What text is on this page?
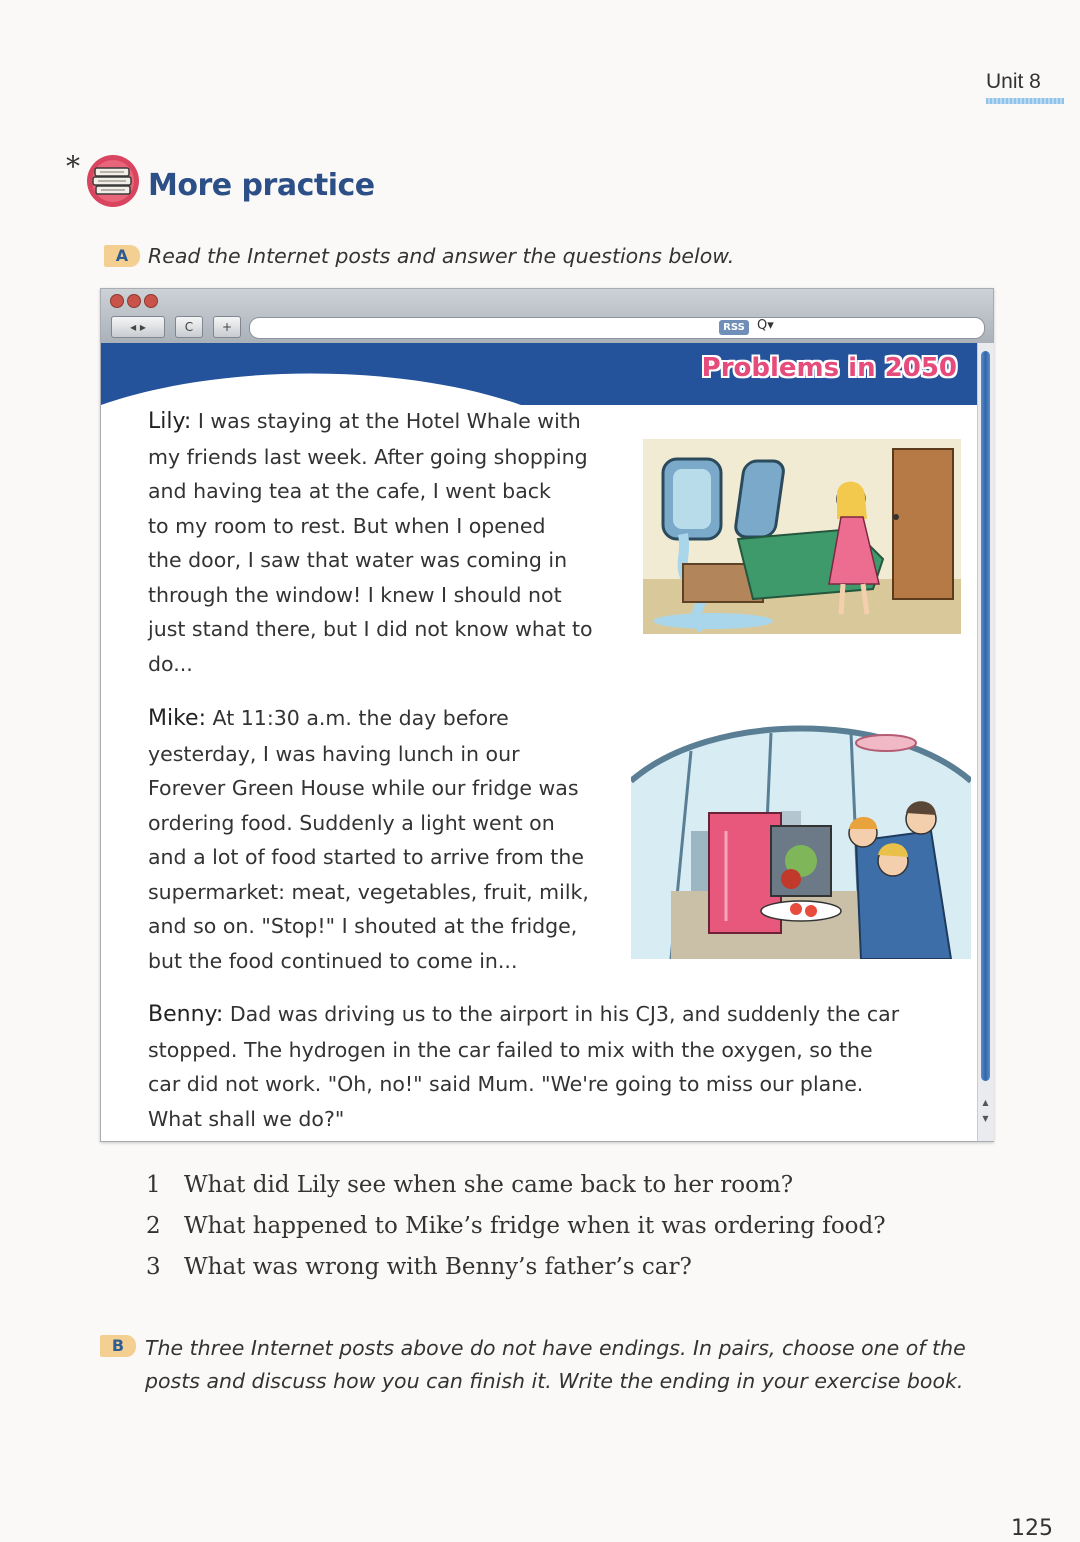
Unit 8
*
More practice
A Read the Internet posts and answer the questions below.
◂ ▸	C	+	RSS Q▾
Problems in 2050
▲
▼
Lily: I was staying at the Hotel Whale with
my friends last week. After going shopping
and having tea at the cafe, I went back
to my room to rest. But when I opened
the door, I saw that water was coming in
through the window! I knew I should not
just stand there, but I did not know what to
do...
Mike: At 11:30 a.m. the day before
yesterday, I was having lunch in our
Forever Green House while our fridge was
ordering food. Suddenly a light went on
and a lot of food started to arrive from the
supermarket: meat, vegetables, fruit, milk,
and so on. "Stop!" I shouted at the fridge,
but the food continued to come in...
Benny: Dad was driving us to the airport in his CJ3, and suddenly the car
stopped. The hydrogen in the car failed to mix with the oxygen, so the
car did not work. "Oh, no!" said Mum. "We're going to miss our plane.
What shall we do?"
1 What did Lily see when she came back to her room?
2 What happened to Mike’s fridge when it was ordering food?
3 What was wrong with Benny’s father’s car?
B	The three Internet posts above do not have endings. In pairs, choose one of the posts and discuss how you can finish it. Write the ending in your exercise book.
125
